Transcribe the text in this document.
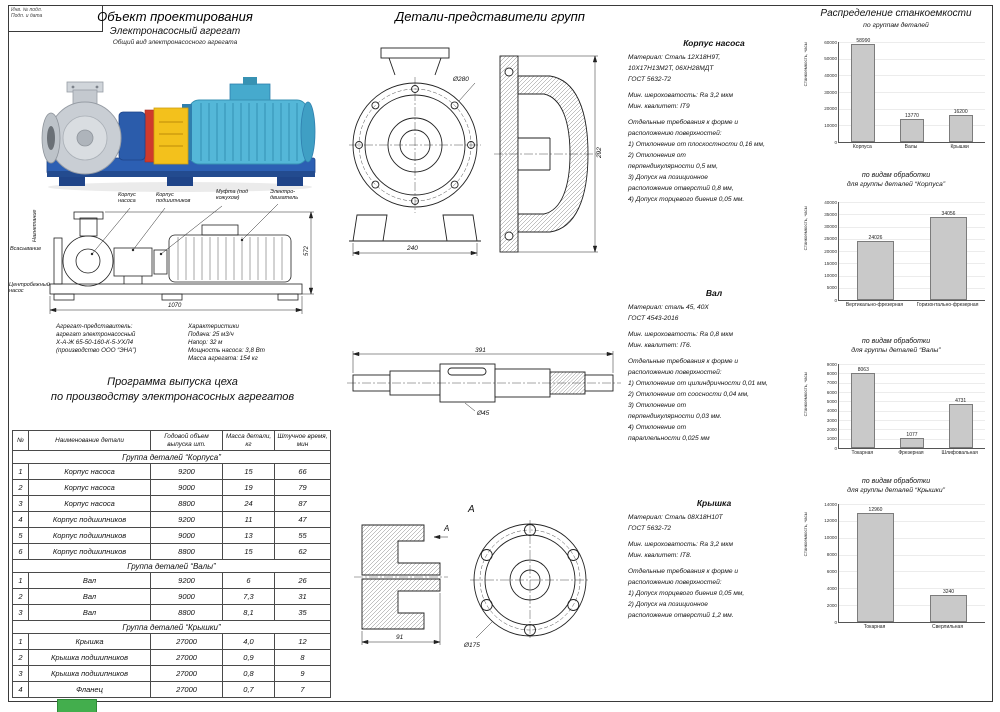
Инв. № подл.
Подп. и дата	Объект проектирования
Электронасосный агрегат
Общий вид электронасосного агрегата
Корпус
насоса
Корпус
подшипников
Муфта (под
кожухом)
Электро-
двигатель
1070
572
Нагнетание
Всасывание
Центробежный
насос
Агрегат-представитель:
агрегат электронасосный
Х-А-Ж 65-50-160-К-5-УХЛ4
(производство ООО “ЭНА”)
Характеристики
Подача: 25 м3/ч
Напор: 32 м
Мощность насоса: 3,8 Вт
Масса агрегата: 154 кг
Программа выпуска цеха
по производству электронасосных агрегатов
№	Наименование детали	Годовой объем выпуска шт.	Масса детали, кг	Штучное время, мин
Группа деталей “Корпуса”				
1	Корпус насоса	9200	15	66
2	Корпус насоса	9000	19	79
3	Корпус насоса	8800	24	87
4	Корпус подшипников	9200	11	47
5	Корпус подшипников	9000	13	55
6	Корпус подшипников	8800	15	62
Группа деталей “Валы”				
1	Вал	9200	6	26
2	Вал	9000	7,3	31
3	Вал	8800	8,1	35
Группа деталей “Крышки”				
1	Крышка	27000	4,0	12
2	Крышка подшипников	27000	0,9	8
3	Крышка подшипников	27000	0,8	9
4	Фланец	27000	0,7	7
Детали-представители групп
Ø280
240
292
391
Ø45
91
А
А
Ø175
Корпус насоса
Материал: Сталь 12Х18Н9Т,
10Х17Н13М2Т, 06ХН28МДТ
ГОСТ 5632-72
Мин. шероховатость: Ra 3,2 мкм
Мин. квалитет: IT9
Отдельные требования к форме и
расположению поверхностей:
1) Отклонение от плоскостности 0,16 мм,
2) Отклонения от
перпендикулярности 0,5 мм,
3) Допуск на позиционное
расположение отверстий 0,8 мм,
4) Допуск торцевого биения 0,05 мм.
Вал
Материал: сталь 45, 40Х
ГОСТ 4543-2016
Мин. шероховатость: Ra 0,8 мкм
Мин. квалитет: IT6.
Отдельные требования к форме и
расположению поверхностей:
1) Отклонение от цилиндричности 0,01 мм,
2) Отклонение от соосности 0,04 мм,
3) Отклонение от
перпендикулярности 0,03 мм.
4) Отклонение от
параллельности 0,025 мм
Крышка
Материал: Сталь 08Х18Н10Т
ГОСТ 5632-72
Мин. шероховатость: Ra 3,2 мкм
Мин. квалитет: IT8.
Отдельные требования к форме и
расположению поверхностей:
1) Допуск торцевого биения 0,05 мм,
2) Допуск на позиционное
расположение отверстий 1,2 мм.
Распределение станкоемкости
по группам деталей
Станкоемкость, часы
0
10000
20000
30000
40000
50000
60000	58990
13770
16200
Корпуса	Валы	Крышки
по видам обработки
для группы деталей “Корпуса”
Станкоемкость, часы
0
5000
10000
15000
20000
25000
30000
35000
40000
24026
34056
Вертикально-фрезерная	Горизонтально-фрезерная
по видам обработки
для группы деталей “Валы”
Станкоемкость, часы
0
1000
2000
3000
4000
5000
6000
7000
8000
9000
8063
1077
4731
Токарная	Фрезерная	Шлифовальная
по видам обработки
для группы деталей “Крышки”
Станкоемкость, часы
0
2000
4000
6000
8000
10000
12000
14000
12960
3240
Токарная	Сверлильная
